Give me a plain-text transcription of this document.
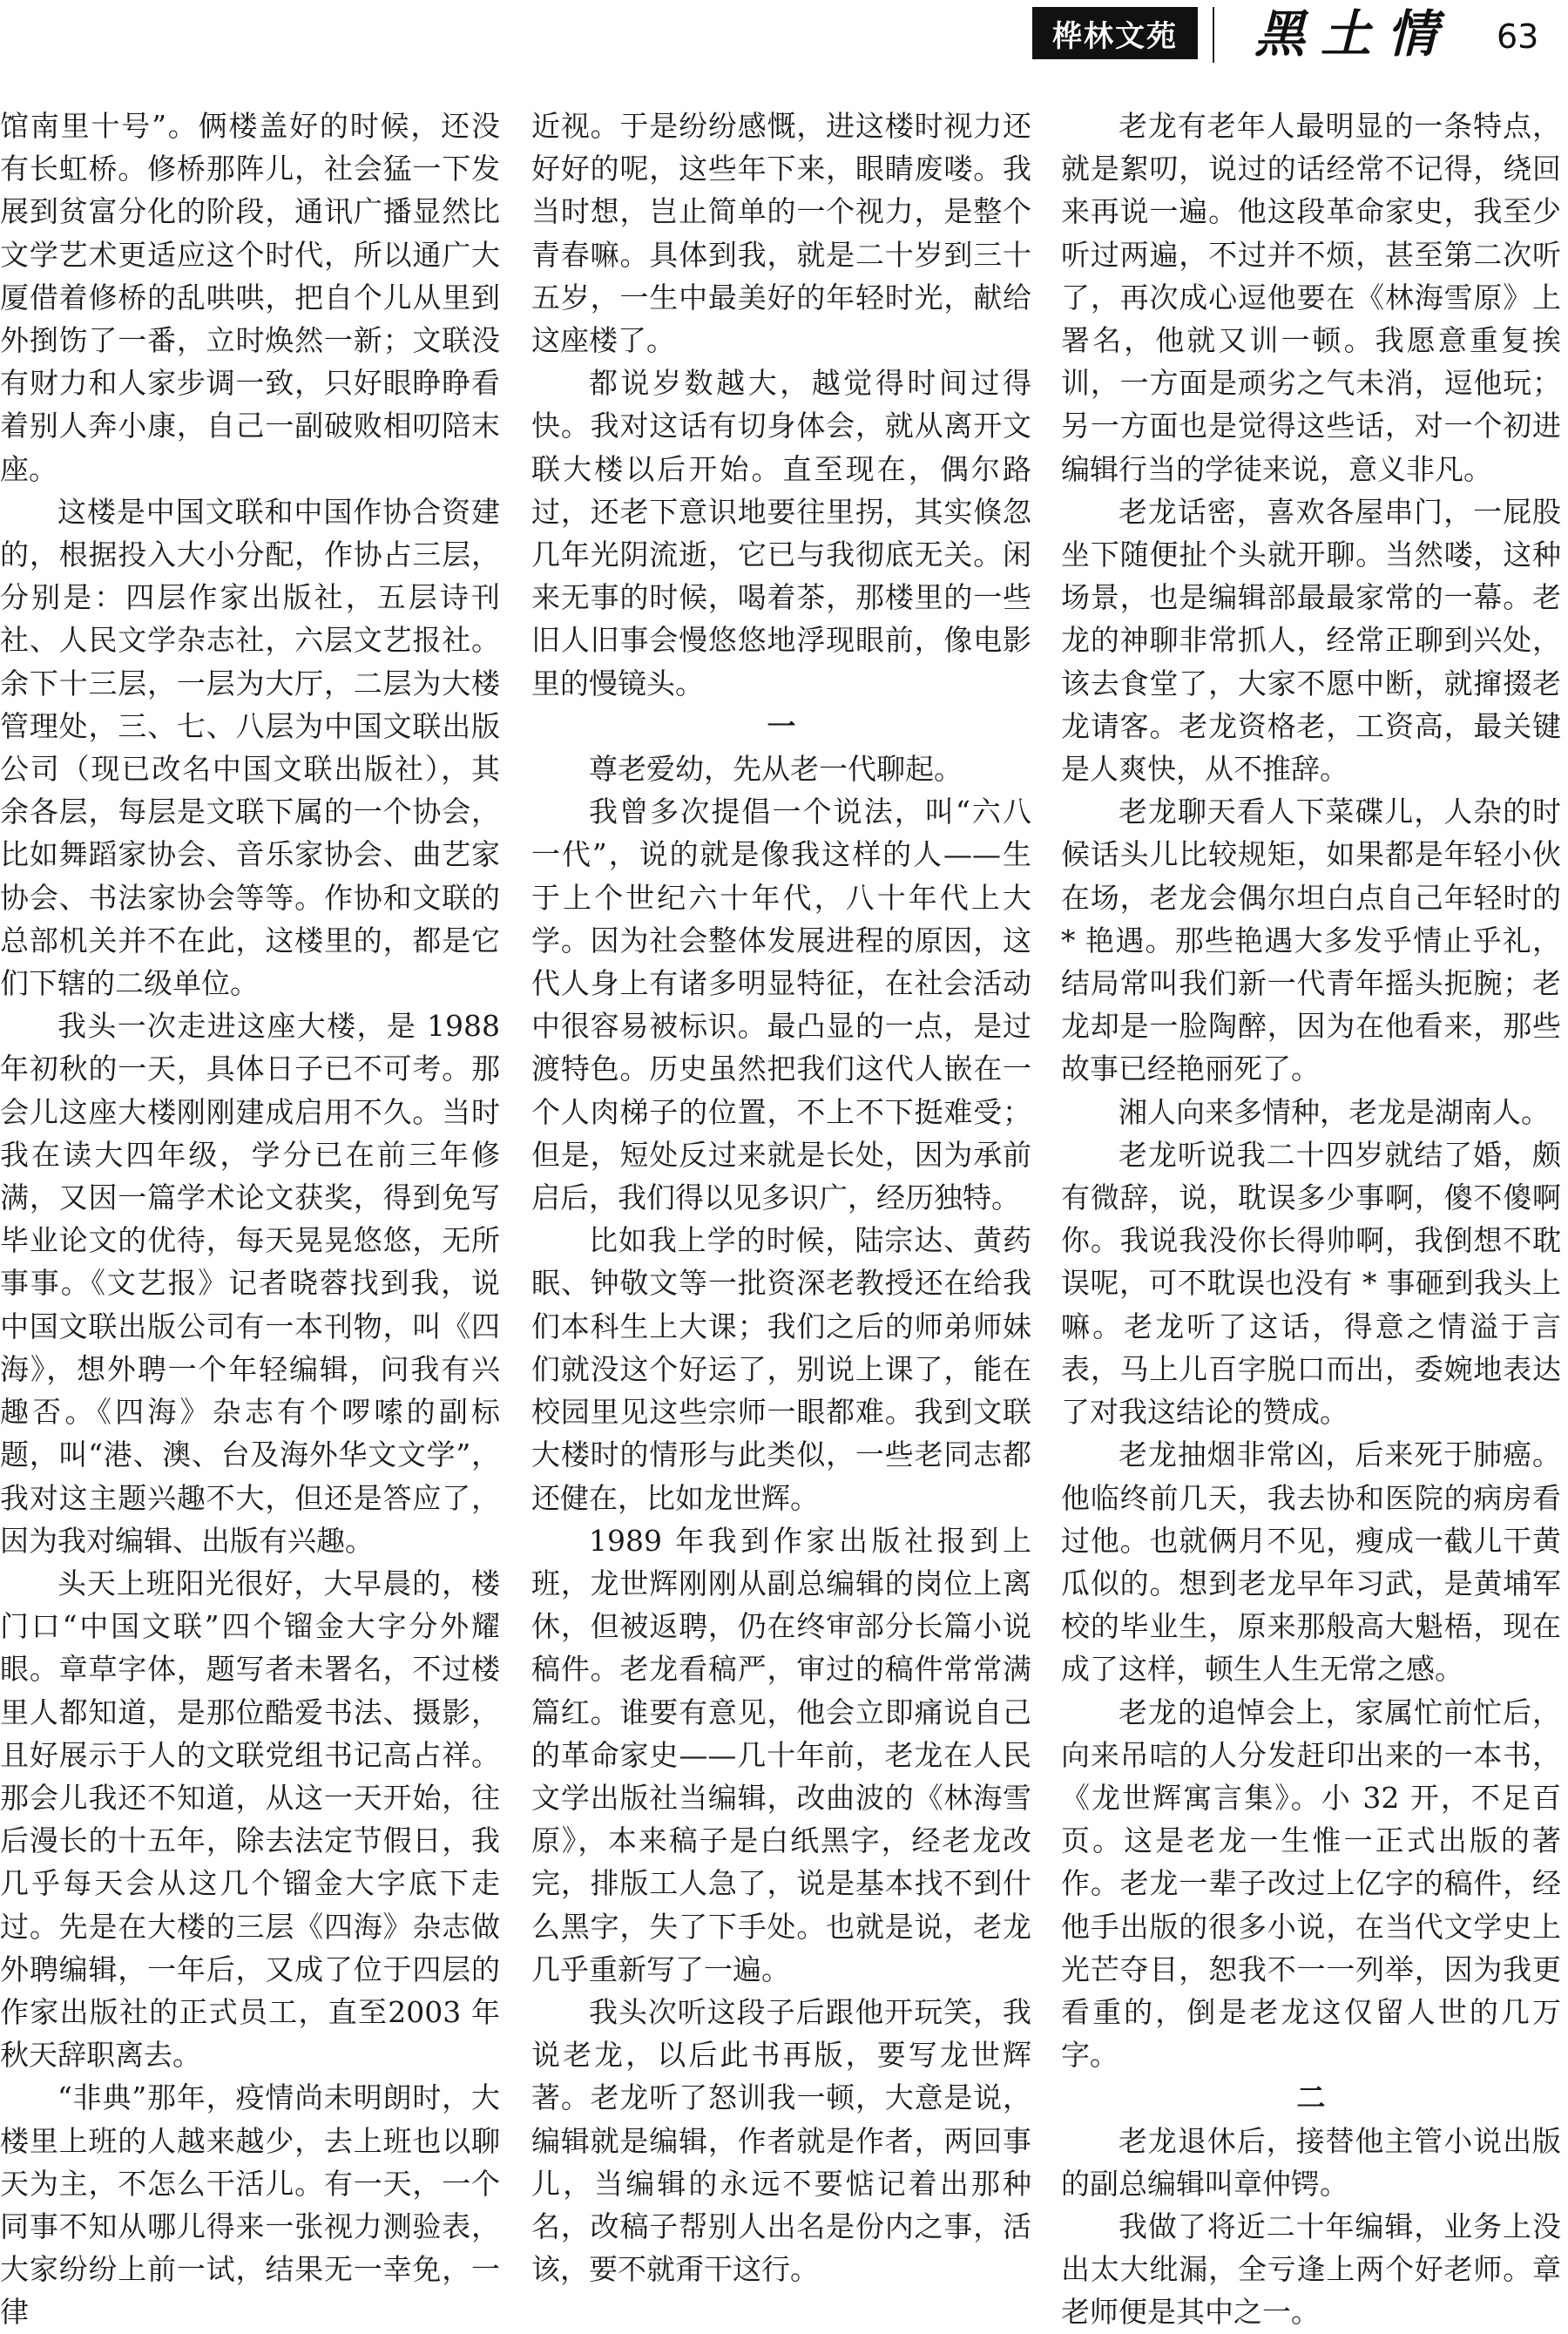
桦林文苑	黑土情 63

馆南里十号”。俩楼盖好的时候，还没有长虹桥。修桥那阵儿，社会猛一下发展到贫富分化的阶段，通讯广播显然比文学艺术更适应这个时代，所以通广大厦借着修桥的乱哄哄，把自个儿从里到外捯饬了一番，立时焕然一新；文联没有财力和人家步调一致，只好眼睁睁看着别人奔小康，自己一副破败相叨陪末座。

这楼是中国文联和中国作协合资建的，根据投入大小分配，作协占三层，分别是：四层作家出版社，五层诗刊社、人民文学杂志社，六层文艺报社。余下十三层，一层为大厅，二层为大楼管理处，三、七、八层为中国文联出版公司（现已改名中国文联出版社），其余各层，每层是文联下属的一个协会，比如舞蹈家协会、音乐家协会、曲艺家协会、书法家协会等等。作协和文联的总部机关并不在此，这楼里的，都是它们下辖的二级单位。

我头一次走进这座大楼，是 1988 年初秋的一天，具体日子已不可考。那会儿这座大楼刚刚建成启用不久。当时我在读大四年级，学分已在前三年修满，又因一篇学术论文获奖，得到免写毕业论文的优待，每天晃晃悠悠，无所事事。《文艺报》记者晓蓉找到我，说中国文联出版公司有一本刊物，叫《四海》，想外聘一个年轻编辑，问我有兴趣否。《四海》杂志有个啰嗦的副标题，叫“港、澳、台及海外华文文学”，我对这主题兴趣不大，但还是答应了，因为我对编辑、出版有兴趣。

头天上班阳光很好，大早晨的，楼门口“中国文联”四个镏金大字分外耀眼。章草字体，题写者未署名，不过楼里人都知道，是那位酷爱书法、摄影，且好展示于人的文联党组书记高占祥。那会儿我还不知道，从这一天开始，往后漫长的十五年，除去法定节假日，我几乎每天会从这几个镏金大字底下走过。先是在大楼的三层《四海》杂志做外聘编辑，一年后，又成了位于四层的作家出版社的正式员工，直至2003 年秋天辞职离去。

“非典”那年，疫情尚未明朗时，大楼里上班的人越来越少，去上班也以聊天为主，不怎么干活儿。有一天，一个同事不知从哪儿得来一张视力测验表，大家纷纷上前一试，结果无一幸免，一律

近视。于是纷纷感慨，进这楼时视力还好好的呢，这些年下来，眼睛废喽。我当时想，岂止简单的一个视力，是整个青春嘛。具体到我，就是二十岁到三十五岁，一生中最美好的年轻时光，献给这座楼了。

都说岁数越大，越觉得时间过得快。我对这话有切身体会，就从离开文联大楼以后开始。直至现在，偶尔路过，还老下意识地要往里拐，其实倏忽几年光阴流逝，它已与我彻底无关。闲来无事的时候，喝着茶，那楼里的一些旧人旧事会慢悠悠地浮现眼前，像电影里的慢镜头。

一

尊老爱幼，先从老一代聊起。

我曾多次提倡一个说法，叫“六八一代”，说的就是像我这样的人——生于上个世纪六十年代，八十年代上大学。因为社会整体发展进程的原因，这代人身上有诸多明显特征，在社会活动中很容易被标识。最凸显的一点，是过渡特色。历史虽然把我们这代人嵌在一个人肉梯子的位置，不上不下挺难受；但是，短处反过来就是长处，因为承前启后，我们得以见多识广，经历独特。

比如我上学的时候，陆宗达、黄药眠、钟敬文等一批资深老教授还在给我们本科生上大课；我们之后的师弟师妹们就没这个好运了，别说上课了，能在校园里见这些宗师一眼都难。我到文联大楼时的情形与此类似，一些老同志都还健在，比如龙世辉。

1989 年我到作家出版社报到上班，龙世辉刚刚从副总编辑的岗位上离休，但被返聘，仍在终审部分长篇小说稿件。老龙看稿严，审过的稿件常常满篇红。谁要有意见，他会立即痛说自己的革命家史——几十年前，老龙在人民文学出版社当编辑，改曲波的《林海雪原》，本来稿子是白纸黑字，经老龙改完，排版工人急了，说是基本找不到什么黑字，失了下手处。也就是说，老龙几乎重新写了一遍。

我头次听这段子后跟他开玩笑，我说老龙，以后此书再版，要写龙世辉著。老龙听了怒训我一顿，大意是说，编辑就是编辑，作者就是作者，两回事儿，当编辑的永远不要惦记着出那种名，改稿子帮别人出名是份内之事，活该，要不就甭干这行。

老龙有老年人最明显的一条特点，就是絮叨，说过的话经常不记得，绕回来再说一遍。他这段革命家史，我至少听过两遍，不过并不烦，甚至第二次听了，再次成心逗他要在《林海雪原》上署名，他就又训一顿。我愿意重复挨训，一方面是顽劣之气未消，逗他玩；另一方面也是觉得这些话，对一个初进编辑行当的学徒来说，意义非凡。

老龙话密，喜欢各屋串门，一屁股坐下随便扯个头就开聊。当然喽，这种场景，也是编辑部最最家常的一幕。老龙的神聊非常抓人，经常正聊到兴处，该去食堂了，大家不愿中断，就撺掇老龙请客。老龙资格老，工资高，最关键是人爽快，从不推辞。

老龙聊天看人下菜碟儿，人杂的时候话头儿比较规矩，如果都是年轻小伙在场，老龙会偶尔坦白点自己年轻时的 * 艳遇。那些艳遇大多发乎情止乎礼，结局常叫我们新一代青年摇头扼腕；老龙却是一脸陶醉，因为在他看来，那些故事已经艳丽死了。

湘人向来多情种，老龙是湖南人。

老龙听说我二十四岁就结了婚，颇有微辞，说，耽误多少事啊，傻不傻啊你。我说我没你长得帅啊，我倒想不耽误呢，可不耽误也没有 * 事砸到我头上嘛。老龙听了这话，得意之情溢于言表，马上儿百字脱口而出，委婉地表达了对我这结论的赞成。

老龙抽烟非常凶，后来死于肺癌。他临终前几天，我去协和医院的病房看过他。也就俩月不见，瘦成一截儿干黄瓜似的。想到老龙早年习武，是黄埔军校的毕业生，原来那般高大魁梧，现在成了这样，顿生人生无常之感。

老龙的追悼会上，家属忙前忙后，向来吊唁的人分发赶印出来的一本书，《龙世辉寓言集》。小 32 开，不足百页。这是老龙一生惟一正式出版的著作。老龙一辈子改过上亿字的稿件，经他手出版的很多小说，在当代文学史上光芒夺目，恕我不一一列举，因为我更看重的，倒是老龙这仅留人世的几万字。

二

老龙退休后，接替他主管小说出版的副总编辑叫章仲锷。

我做了将近二十年编辑，业务上没出太大纰漏，全亏逢上两个好老师。章老师便是其中之一。
